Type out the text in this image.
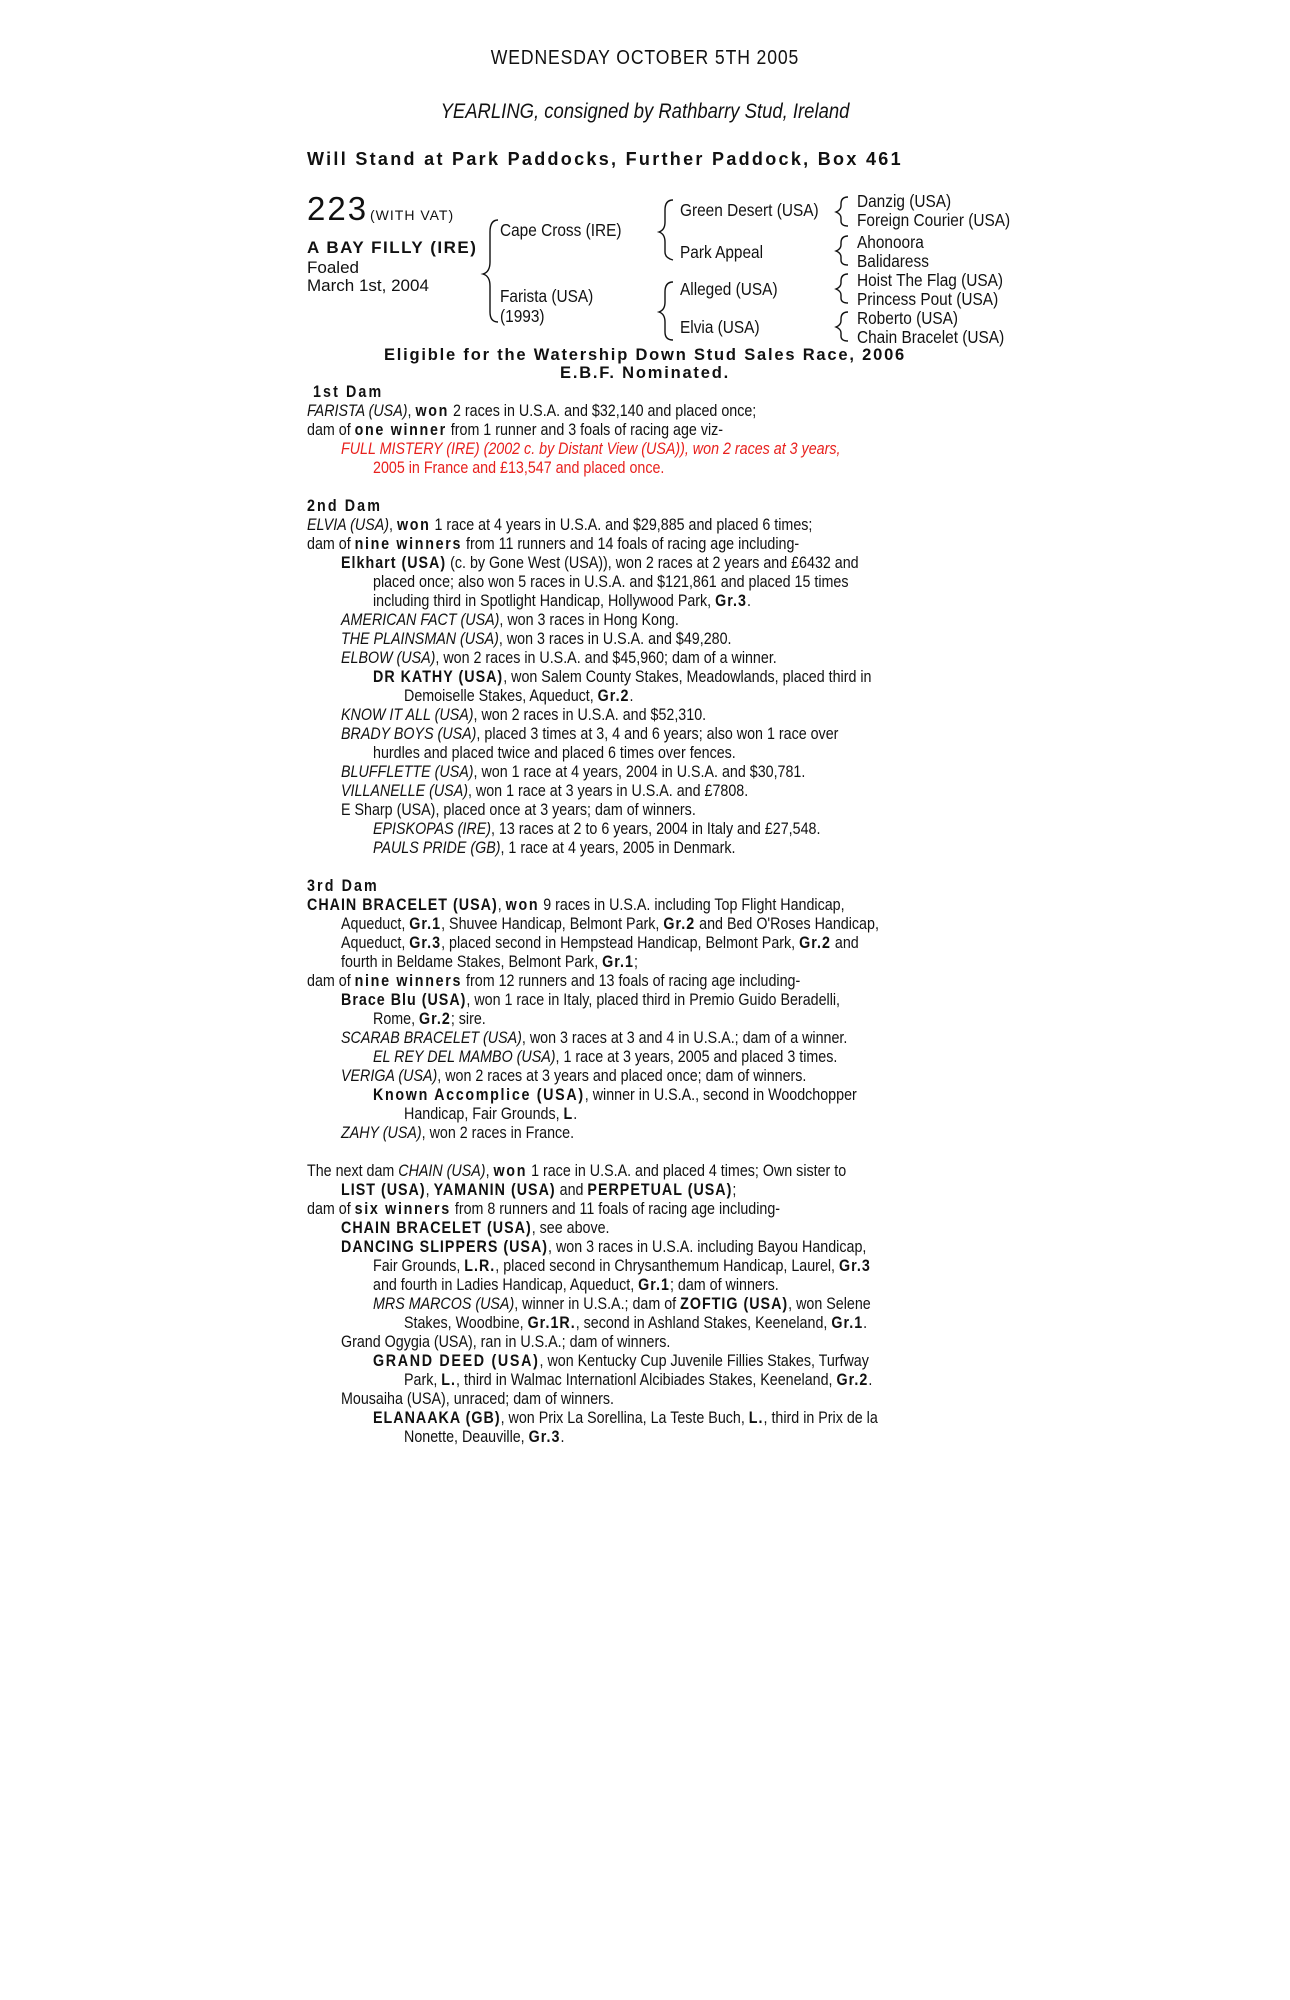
WEDNESDAY OCTOBER 5TH 2005
YEARLING, consigned by Rathbarry Stud, Ireland
Will Stand at Park Paddocks, Further Paddock, Box 461
223 (WITH VAT)
A BAY FILLY (IRE)
Foaled
March 1st, 2004
Cape Cross (IRE)
Farista (USA)
(1993)
Green Desert (USA)
Park Appeal
Alleged (USA)
Elvia (USA)
Danzig (USA)
Foreign Courier (USA)
Ahonoora
Balidaress
Hoist The Flag (USA)
Princess Pout (USA)
Roberto (USA)
Chain Bracelet (USA)
Eligible for the Watership Down Stud Sales Race, 2006
E.B.F. Nominated.
1st Dam
FARISTA (USA), won 2 races in U.S.A. and $32,140 and placed once;
dam of one winner from 1 runner and 3 foals of racing age viz-
FULL MISTERY (IRE) (2002 c. by Distant View (USA)), won 2 races at 3 years,
2005 in France and £13,547 and placed once.
2nd Dam
ELVIA (USA), won 1 race at 4 years in U.S.A. and $29,885 and placed 6 times;
dam of nine winners from 11 runners and 14 foals of racing age including-
Elkhart (USA) (c. by Gone West (USA)), won 2 races at 2 years and £6432 and
placed once; also won 5 races in U.S.A. and $121,861 and placed 15 times
including third in Spotlight Handicap, Hollywood Park, Gr.3.
AMERICAN FACT (USA), won 3 races in Hong Kong.
THE PLAINSMAN (USA), won 3 races in U.S.A. and $49,280.
ELBOW (USA), won 2 races in U.S.A. and $45,960; dam of a winner.
DR KATHY (USA), won Salem County Stakes, Meadowlands, placed third in
Demoiselle Stakes, Aqueduct, Gr.2.
KNOW IT ALL (USA), won 2 races in U.S.A. and $52,310.
BRADY BOYS (USA), placed 3 times at 3, 4 and 6 years; also won 1 race over
hurdles and placed twice and placed 6 times over fences.
BLUFFLETTE (USA), won 1 race at 4 years, 2004 in U.S.A. and $30,781.
VILLANELLE (USA), won 1 race at 3 years in U.S.A. and £7808.
E Sharp (USA), placed once at 3 years; dam of winners.
EPISKOPAS (IRE), 13 races at 2 to 6 years, 2004 in Italy and £27,548.
PAULS PRIDE (GB), 1 race at 4 years, 2005 in Denmark.
3rd Dam
CHAIN BRACELET (USA), won 9 races in U.S.A. including Top Flight Handicap,
Aqueduct, Gr.1, Shuvee Handicap, Belmont Park, Gr.2 and Bed O'Roses Handicap,
Aqueduct, Gr.3, placed second in Hempstead Handicap, Belmont Park, Gr.2 and
fourth in Beldame Stakes, Belmont Park, Gr.1;
dam of nine winners from 12 runners and 13 foals of racing age including-
Brace Blu (USA), won 1 race in Italy, placed third in Premio Guido Beradelli,
Rome, Gr.2; sire.
SCARAB BRACELET (USA), won 3 races at 3 and 4 in U.S.A.; dam of a winner.
EL REY DEL MAMBO (USA), 1 race at 3 years, 2005 and placed 3 times.
VERIGA (USA), won 2 races at 3 years and placed once; dam of winners.
Known Accomplice (USA), winner in U.S.A., second in Woodchopper
Handicap, Fair Grounds, L.
ZAHY (USA), won 2 races in France.
The next dam CHAIN (USA), won 1 race in U.S.A. and placed 4 times; Own sister to
LIST (USA), YAMANIN (USA) and PERPETUAL (USA);
dam of six winners from 8 runners and 11 foals of racing age including-
CHAIN BRACELET (USA), see above.
DANCING SLIPPERS (USA), won 3 races in U.S.A. including Bayou Handicap,
Fair Grounds, L.R., placed second in Chrysanthemum Handicap, Laurel, Gr.3
and fourth in Ladies Handicap, Aqueduct, Gr.1; dam of winners.
MRS MARCOS (USA), winner in U.S.A.; dam of ZOFTIG (USA), won Selene
Stakes, Woodbine, Gr.1R., second in Ashland Stakes, Keeneland, Gr.1.
Grand Ogygia (USA), ran in U.S.A.; dam of winners.
GRAND DEED (USA), won Kentucky Cup Juvenile Fillies Stakes, Turfway
Park, L., third in Walmac Internationl Alcibiades Stakes, Keeneland, Gr.2.
Mousaiha (USA), unraced; dam of winners.
ELANAAKA (GB), won Prix La Sorellina, La Teste Buch, L., third in Prix de la
Nonette, Deauville, Gr.3.
